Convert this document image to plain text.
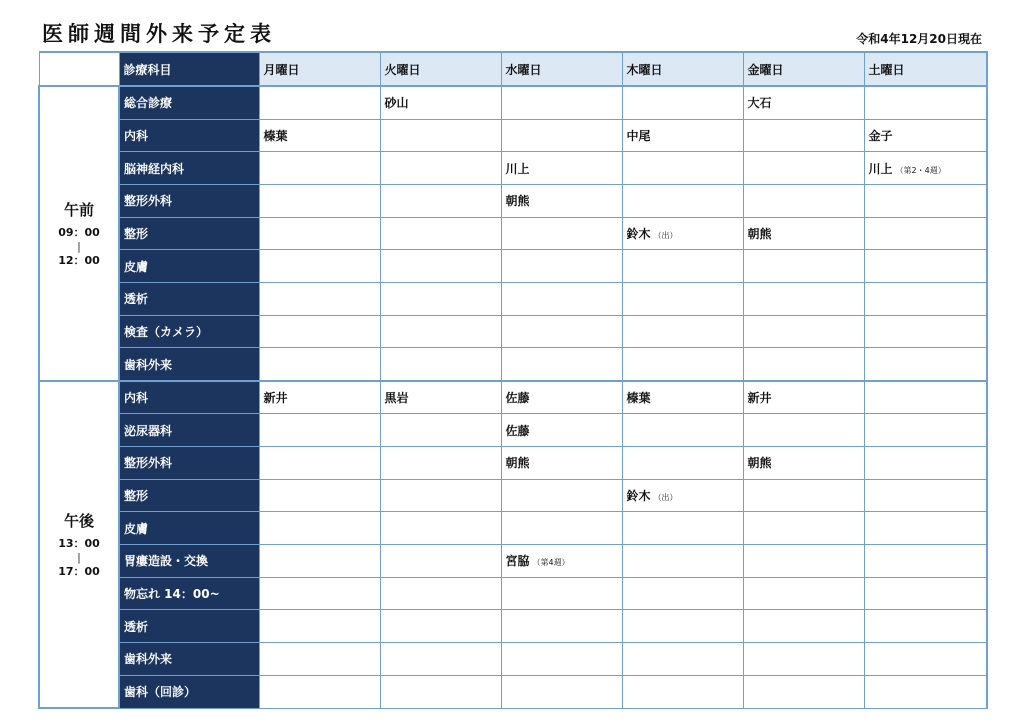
医師週間外来予定表	令和4年12月20日現在
	診療科目	月曜日	火曜日	水曜日	木曜日	金曜日	土曜日

午前
09：00
|
12：00	総合診療		砂山			大石	
	内科	榛葉			中尾		金子
	脳神経内科			川上			川上 （第2・4週）
	整形外科			朝熊			
	整形				鈴木 （出）	朝熊	
	皮膚						
	透析						
	検査（カメラ）						
	歯科外来						

午後
13：00
|
17：00	内科	新井	黒岩	佐藤	榛葉	新井	
	泌尿器科			佐藤			
	整形外科			朝熊		朝熊	
	整形				鈴木 （出）		
	皮膚						
	胃瘻造設・交換			宮脇 （第4週）			
	物忘れ 14：00~						
	透析						
	歯科外来						
	歯科（回診）						
